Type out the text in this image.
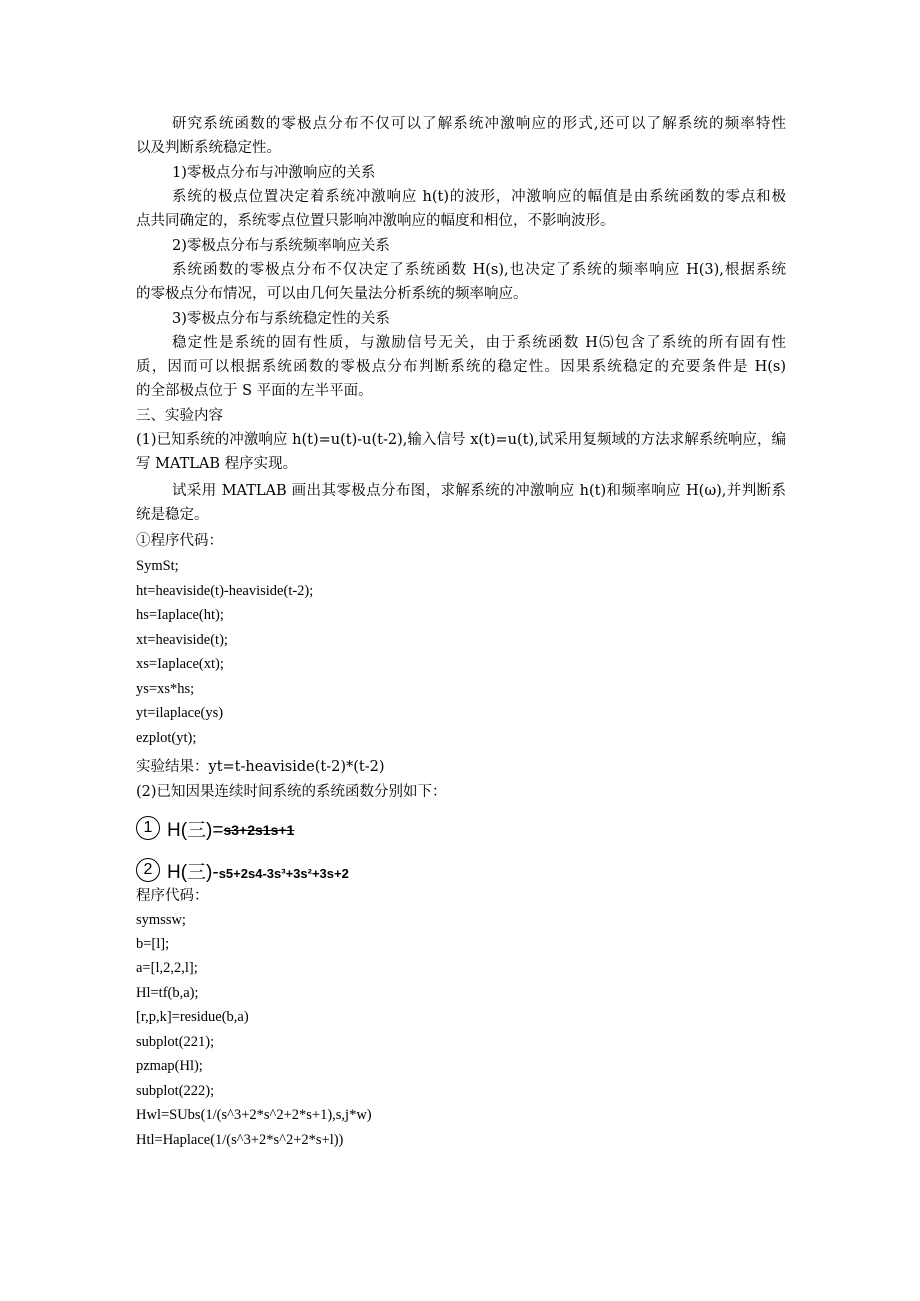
研究系统函数的零极点分布不仅可以了解系统冲激响应的形式,还可以了解系统的频率特性
以及判断系统稳定性。
1)零极点分布与冲激响应的关系
系统的极点位置决定着系统冲激响应 h(t)的波形，冲激响应的幅值是由系统函数的零点和极
点共同确定的，系统零点位置只影响冲激响应的幅度和相位，不影响波形。
2)零极点分布与系统频率响应关系
系统函数的零极点分布不仅决定了系统函数 H(s),也决定了系统的频率响应 H(3),根据系统
的零极点分布情况，可以由几何矢量法分析系统的频率响应。
3)零极点分布与系统稳定性的关系
稳定性是系统的固有性质，与激励信号无关，由于系统函数 H⑸包含了系统的所有固有性
质，因而可以根据系统函数的零极点分布判断系统的稳定性。因果系统稳定的充要条件是 H(s)
的全部极点位于 S 平面的左半平面。
三、实验内容
(1)已知系统的冲激响应 h(t)=u(t)-u(t-2),输入信号 x(t)=u(t),试采用复频域的方法求解系统响应，编
写 MATLAB 程序实现。
试采用 MATLAB 画出其零极点分布图，求解系统的冲激响应 h(t)和频率响应 H(ω),并判断系
统是稳定。
①程序代码：
SymSt;
ht=heaviside(t)-heaviside(t-2);
hs=Iaplace(ht);
xt=heaviside(t);
xs=Iaplace(xt);
ys=xs*hs;
yt=ilaplace(ys)
ezplot(yt);
实验结果：yt=t-heaviside(t-2)*(t-2)
(2)已知因果连续时间系统的系统函数分别如下：
1 H(三)= s3+2s1s+1
2 H(三)- s5+2s4-3s³+3s²+3s+2
程序代码：
symssw;
b=[l];
a=[l,2,2,l];
Hl=tf(b,a);
[r,p,k]=residue(b,a)
subplot(221);
pzmap(Hl);
subplot(222);
Hwl=SUbs(1/(s^3+2*s^2+2*s+1),s,j*w)
Htl=Haplace(1/(s^3+2*s^2+2*s+l))
